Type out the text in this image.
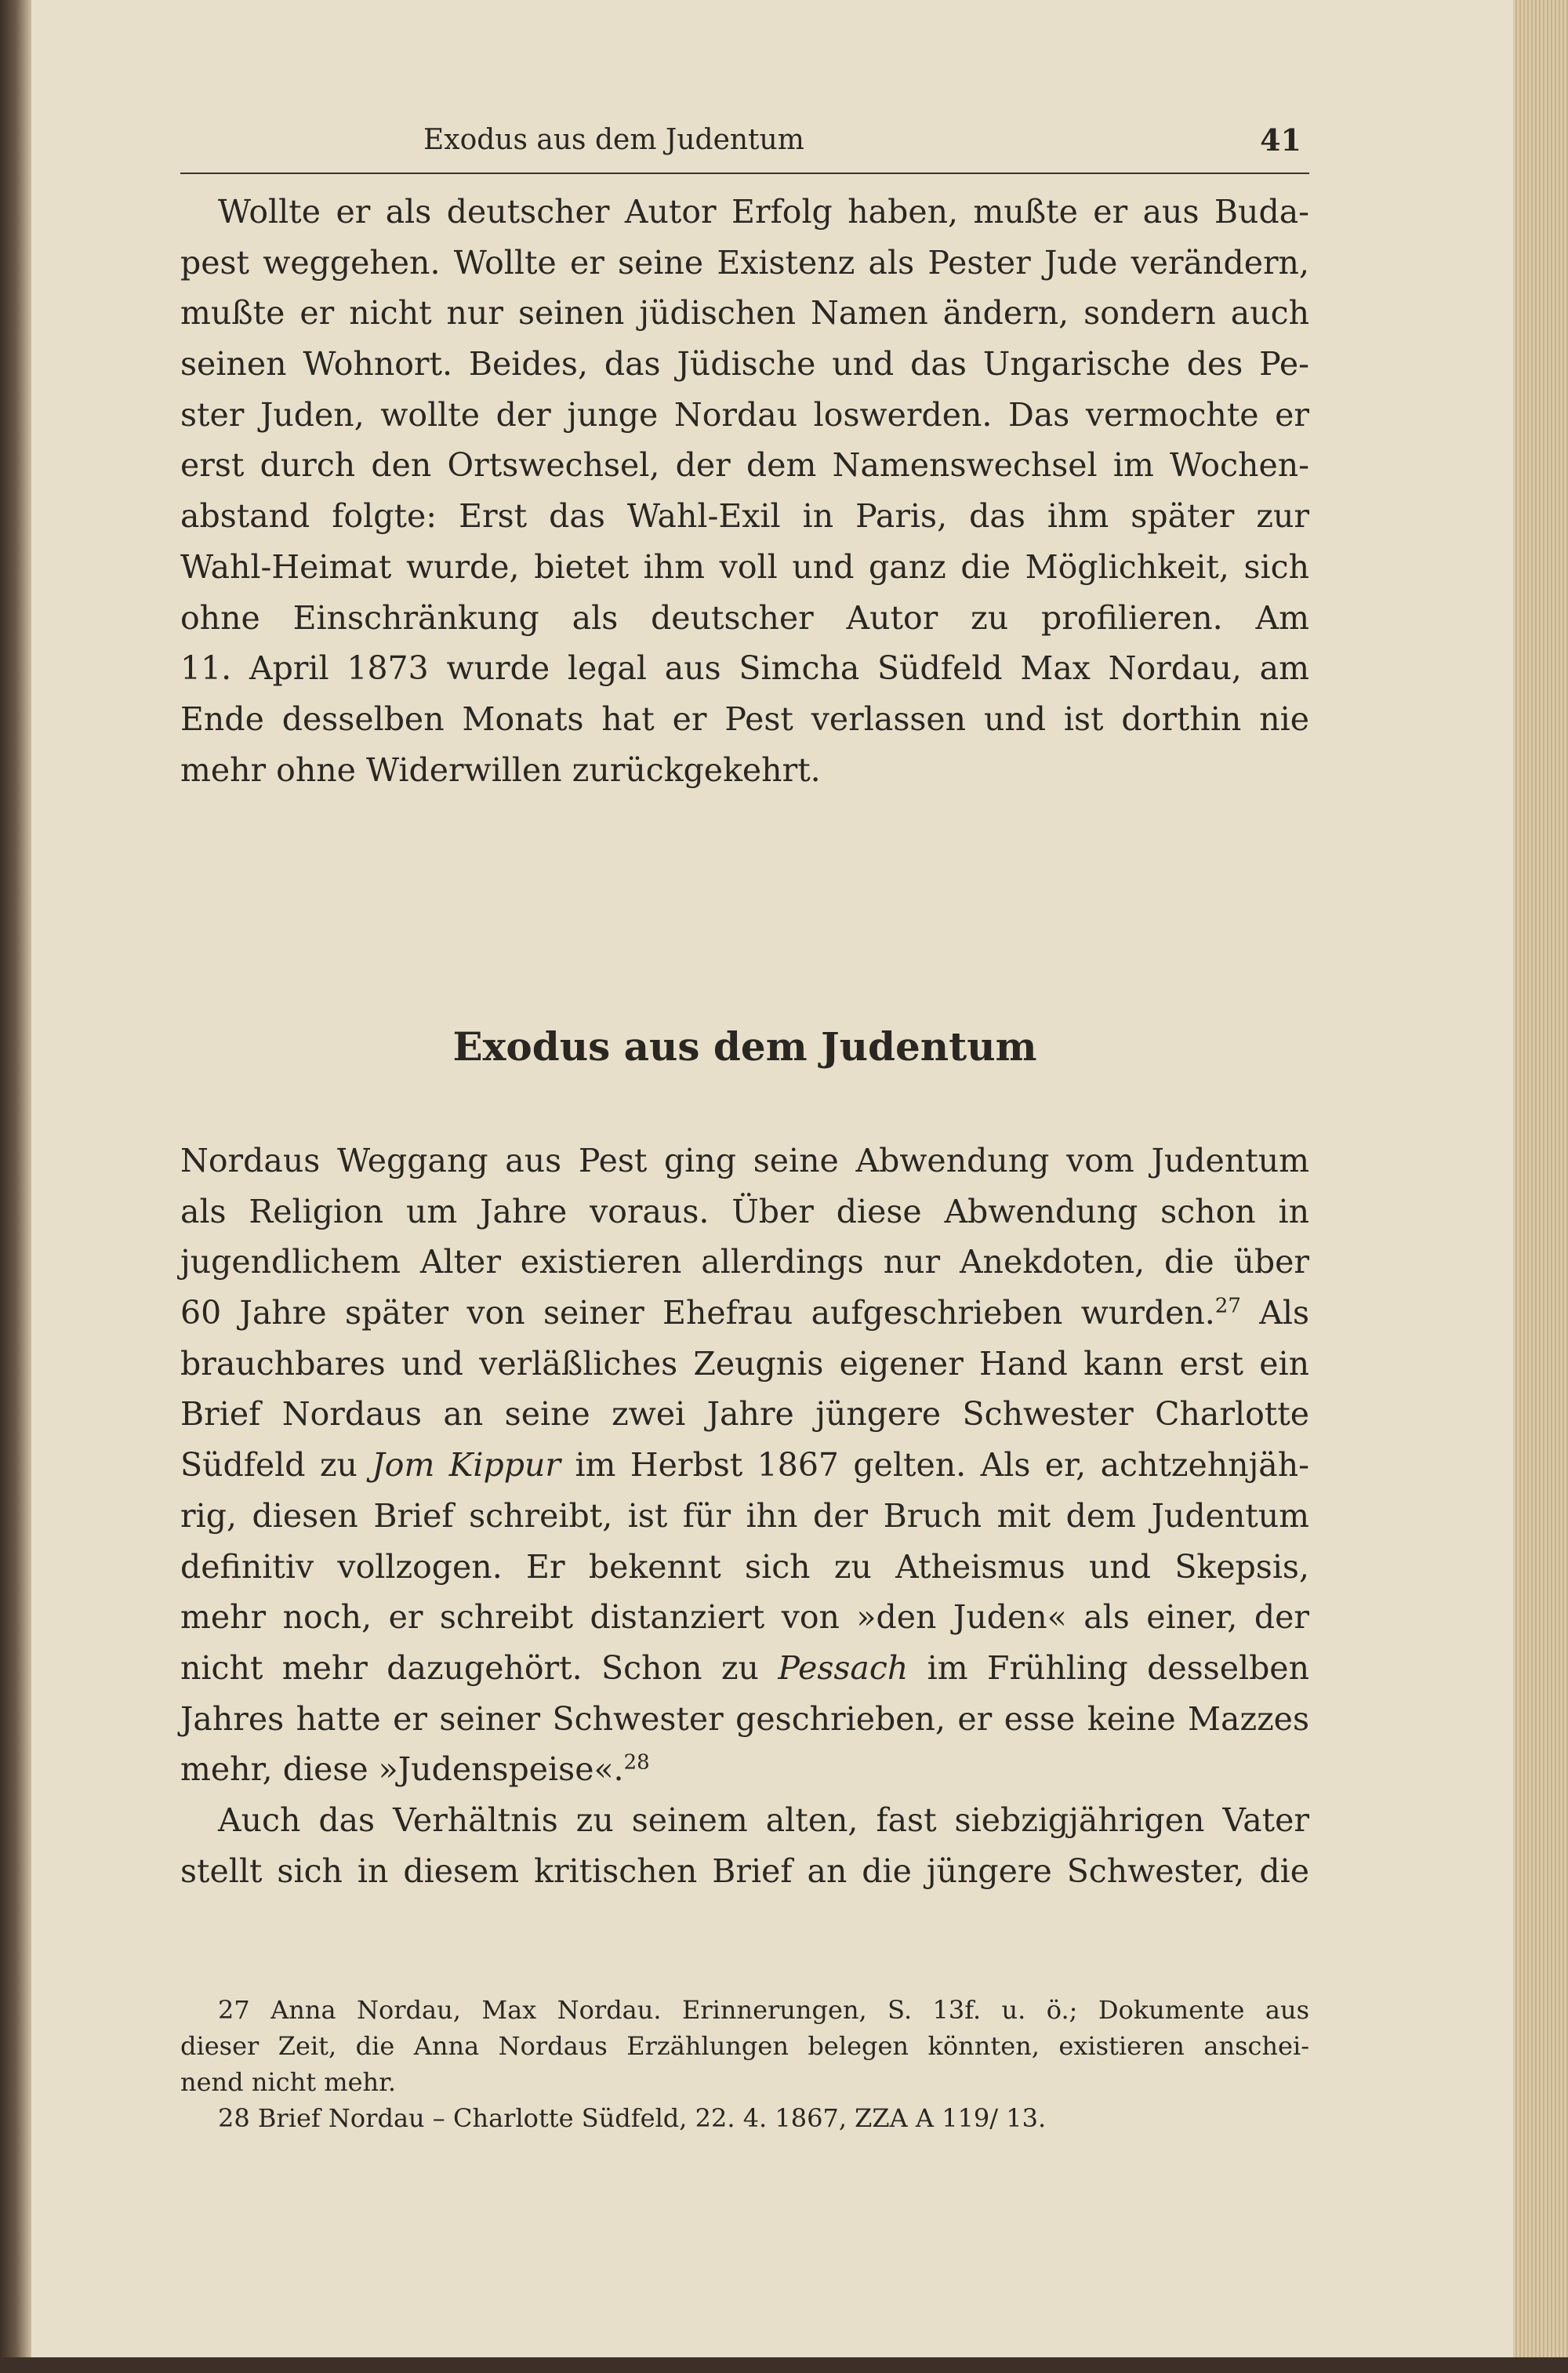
Exodus aus dem Judentum	41
Wollte er als deutscher Autor Erfolg haben, mußte er aus Buda-
pest weggehen. Wollte er seine Existenz als Pester Jude verändern,
mußte er nicht nur seinen jüdischen Namen ändern, sondern auch
seinen Wohnort. Beides, das Jüdische und das Ungarische des Pe-
ster Juden, wollte der junge Nordau loswerden. Das vermochte er
erst durch den Ortswechsel, der dem Namenswechsel im Wochen-
abstand folgte: Erst das Wahl-Exil in Paris, das ihm später zur
Wahl-Heimat wurde, bietet ihm voll und ganz die Möglichkeit, sich
ohne Einschränkung als deutscher Autor zu profilieren. Am
11. April 1873 wurde legal aus Simcha Südfeld Max Nordau, am
Ende desselben Monats hat er Pest verlassen und ist dorthin nie
mehr ohne Widerwillen zurückgekehrt.
Exodus aus dem Judentum
Nordaus Weggang aus Pest ging seine Abwendung vom Judentum
als Religion um Jahre voraus. Über diese Abwendung schon in
jugendlichem Alter existieren allerdings nur Anekdoten, die über
60 Jahre später von seiner Ehefrau aufgeschrieben wurden.$^{27}$ Als
brauchbares und verläßliches Zeugnis eigener Hand kann erst ein
Brief Nordaus an seine zwei Jahre jüngere Schwester Charlotte
Südfeld zu Jom Kippur im Herbst 1867 gelten. Als er, achtzehnjäh-
rig, diesen Brief schreibt, ist für ihn der Bruch mit dem Judentum
definitiv vollzogen. Er bekennt sich zu Atheismus und Skepsis,
mehr noch, er schreibt distanziert von »den Juden« als einer, der
nicht mehr dazugehört. Schon zu Pessach im Frühling desselben
Jahres hatte er seiner Schwester geschrieben, er esse keine Mazzes
mehr, diese »Judenspeise«.$^{28}$
Auch das Verhältnis zu seinem alten, fast siebzigjährigen Vater
stellt sich in diesem kritischen Brief an die jüngere Schwester, die
27 Anna Nordau, Max Nordau. Erinnerungen, S. 13f. u. ö.; Dokumente aus
dieser Zeit, die Anna Nordaus Erzählungen belegen könnten, existieren anschei-
nend nicht mehr.
28 Brief Nordau – Charlotte Südfeld, 22. 4. 1867, ZZA A 119/ 13.
